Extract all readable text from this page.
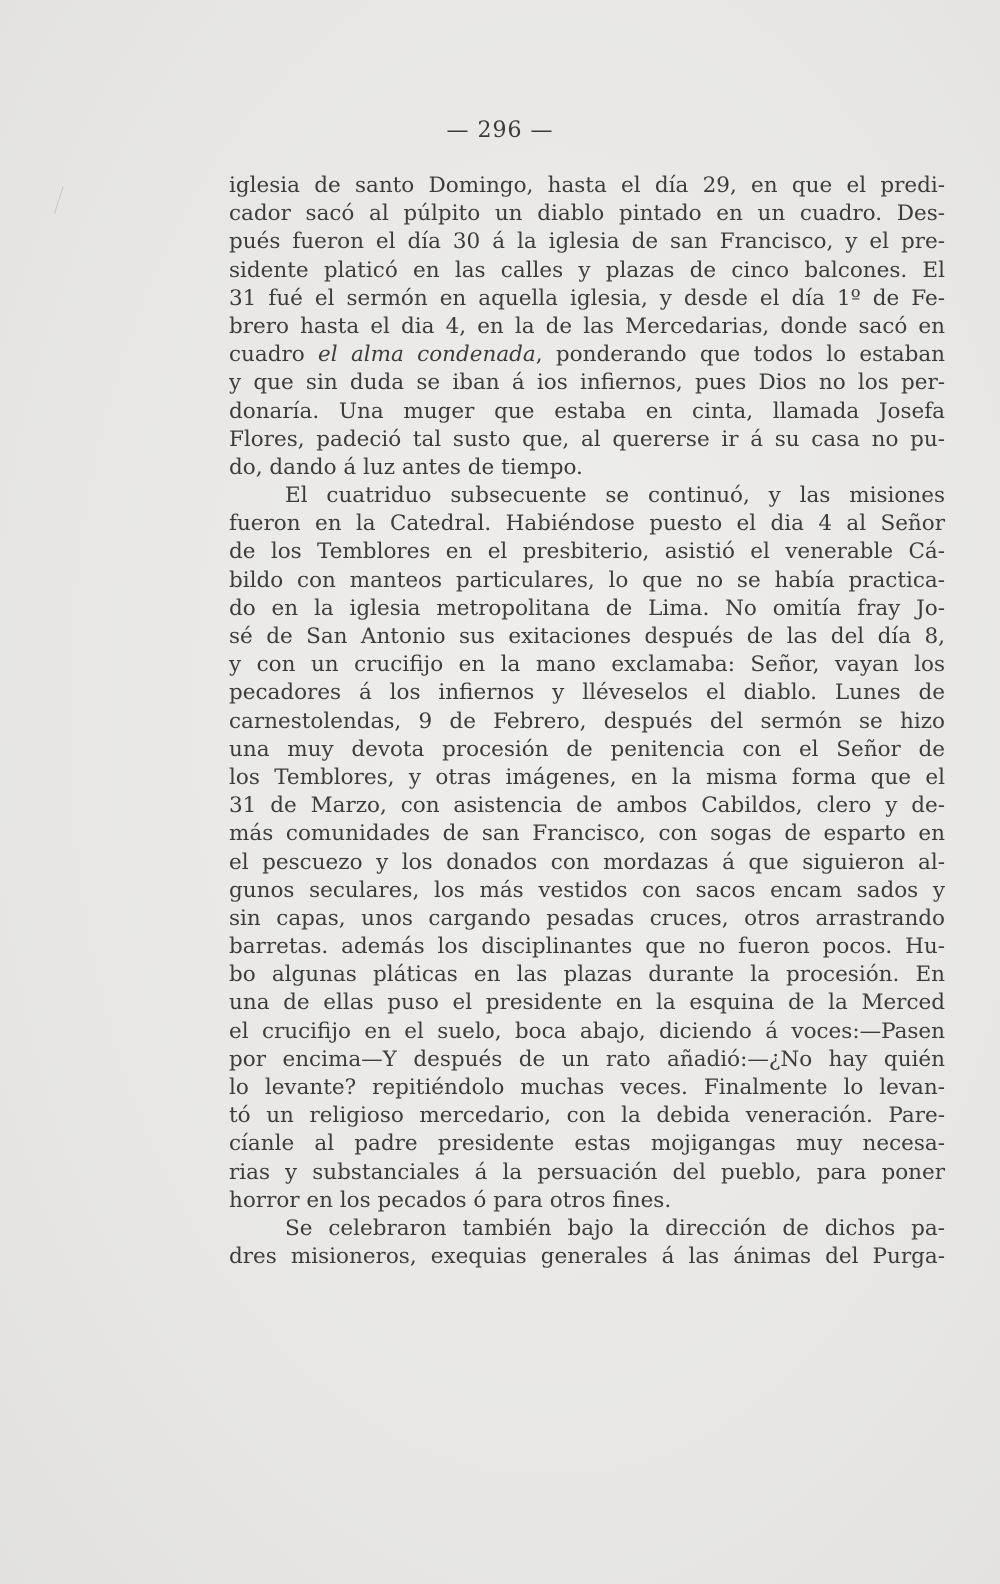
— 296 —
iglesia de santo Domingo, hasta el día 29, en que el predi-
cador sacó al púlpito un diablo pintado en un cuadro. Des-
pués fueron el día 30 á la iglesia de san Francisco, y el pre-
sidente platicó en las calles y plazas de cinco balcones. El
31 fué el sermón en aquella iglesia, y desde el día 1º de Fe-
brero hasta el dia 4, en la de las Mercedarias, donde sacó en
cuadro el alma condenada, ponderando que todos lo estaban
y que sin duda se iban á ios infiernos, pues Dios no los per-
donaría. Una muger que estaba en cinta, llamada Josefa
Flores, padeció tal susto que, al quererse ir á su casa no pu-
do, dando á luz antes de tiempo.
El cuatriduo subsecuente se continuó, y las misiones
fueron en la Catedral. Habiéndose puesto el dia 4 al Señor
de los Temblores en el presbiterio, asistió el venerable Cá-
bildo con manteos particulares, lo que no se había practica-
do en la iglesia metropolitana de Lima. No omitía fray Jo-
sé de San Antonio sus exitaciones después de las del día 8,
y con un crucifijo en la mano exclamaba: Señor, vayan los
pecadores á los infiernos y lléveselos el diablo. Lunes de
carnestolendas, 9 de Febrero, después del sermón se hizo
una muy devota procesión de penitencia con el Señor de
los Temblores, y otras imágenes, en la misma forma que el
31 de Marzo, con asistencia de ambos Cabildos, clero y de-
más comunidades de san Francisco, con sogas de esparto en
el pescuezo y los donados con mordazas á que siguieron al-
gunos seculares, los más vestidos con sacos encam sados y
sin capas, unos cargando pesadas cruces, otros arrastrando
barretas. además los disciplinantes que no fueron pocos. Hu-
bo algunas pláticas en las plazas durante la procesión. En
una de ellas puso el presidente en la esquina de la Merced
el crucifijo en el suelo, boca abajo, diciendo á voces:—Pasen
por encima—Y después de un rato añadió:—¿No hay quién
lo levante? repitiéndolo muchas veces. Finalmente lo levan-
tó un religioso mercedario, con la debida veneración. Pare-
cíanle al padre presidente estas mojigangas muy necesa-
rias y substanciales á la persuación del pueblo, para poner
horror en los pecados ó para otros fines.
Se celebraron también bajo la dirección de dichos pa-
dres misioneros, exequias generales á las ánimas del Purga-
